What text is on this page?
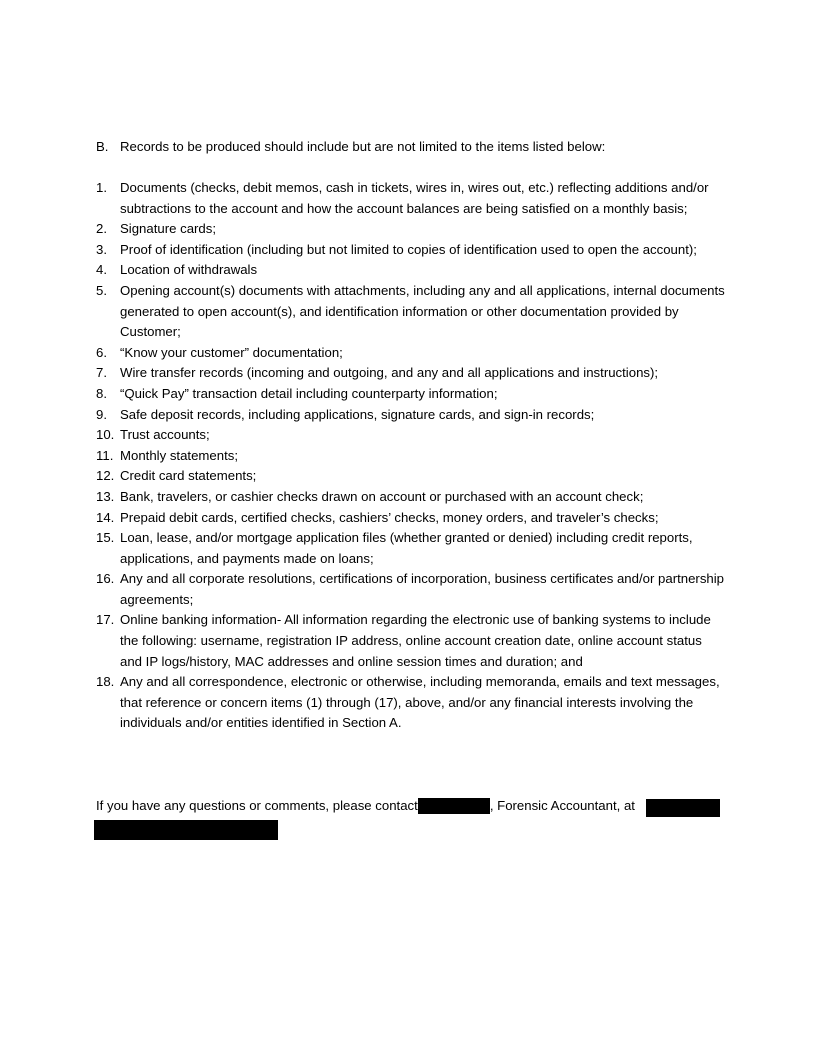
B. Records to be produced should include but are not limited to the items listed below:
1. Documents (checks, debit memos, cash in tickets, wires in, wires out, etc.) reflecting additions and/or subtractions to the account and how the account balances are being satisfied on a monthly basis;
2. Signature cards;
3. Proof of identification (including but not limited to copies of identification used to open the account);
4. Location of withdrawals
5. Opening account(s) documents with attachments, including any and all applications, internal documents generated to open account(s), and identification information or other documentation provided by Customer;
6. “Know your customer” documentation;
7. Wire transfer records (incoming and outgoing, and any and all applications and instructions);
8. “Quick Pay” transaction detail including counterparty information;
9. Safe deposit records, including applications, signature cards, and sign-in records;
10. Trust accounts;
11. Monthly statements;
12. Credit card statements;
13. Bank, travelers, or cashier checks drawn on account or purchased with an account check;
14. Prepaid debit cards, certified checks, cashiers’ checks, money orders, and traveler’s checks;
15. Loan, lease, and/or mortgage application files (whether granted or denied) including credit reports, applications, and payments made on loans;
16. Any and all corporate resolutions, certifications of incorporation, business certificates and/or partnership agreements;
17. Online banking information- All information regarding the electronic use of banking systems to include the following: username, registration IP address, online account creation date, online account status and IP logs/history, MAC addresses and online session times and duration; and
18. Any and all correspondence, electronic or otherwise, including memoranda, emails and text messages, that reference or concern items (1) through (17), above, and/or any financial interests involving the individuals and/or entities identified in Section A.
If you have any questions or comments, please contact	, Forensic Accountant, at
